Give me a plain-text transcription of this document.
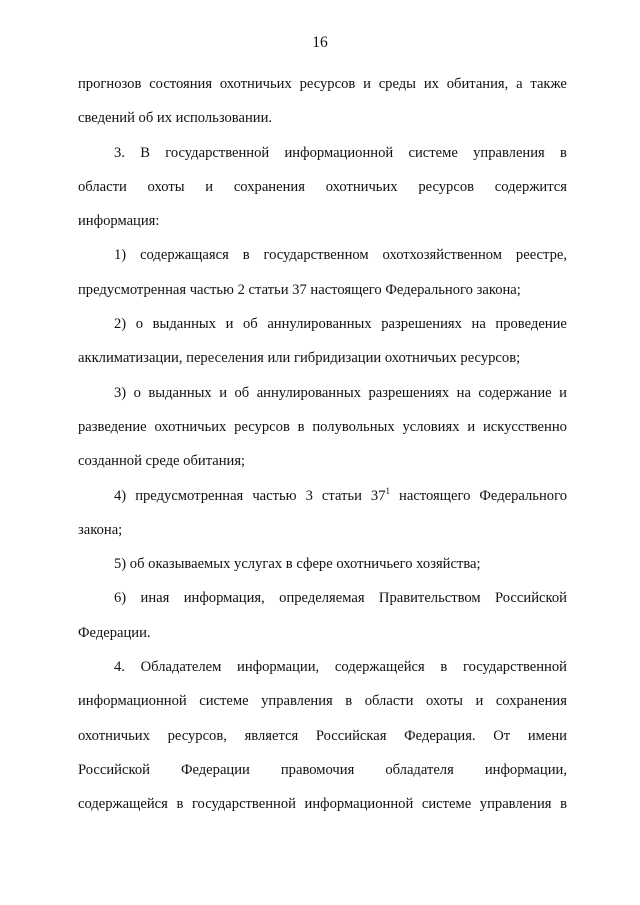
16
прогнозов состояния охотничьих ресурсов и среды их обитания, а также
сведений об их использовании.
3. В государственной информационной системе управления в
области охоты и сохранения охотничьих ресурсов содержится
информация:
1) содержащаяся в государственном охотхозяйственном реестре,
предусмотренная частью 2 статьи 37 настоящего Федерального закона;
2) о выданных и об аннулированных разрешениях на проведение
акклиматизации, переселения или гибридизации охотничьих ресурсов;
3) о выданных и об аннулированных разрешениях на содержание и
разведение охотничьих ресурсов в полувольных условиях и искусственно
созданной среде обитания;
4) предусмотренная частью 3 статьи $37^1$ настоящего Федерального
закона;
5) об оказываемых услугах в сфере охотничьего хозяйства;
6) иная информация, определяемая Правительством Российской
Федерации.
4. Обладателем информации, содержащейся в государственной
информационной системе управления в области охоты и сохранения
охотничьих ресурсов, является Российская Федерация. От имени
Российской Федерации правомочия обладателя информации,
содержащейся в государственной информационной системе управления в
